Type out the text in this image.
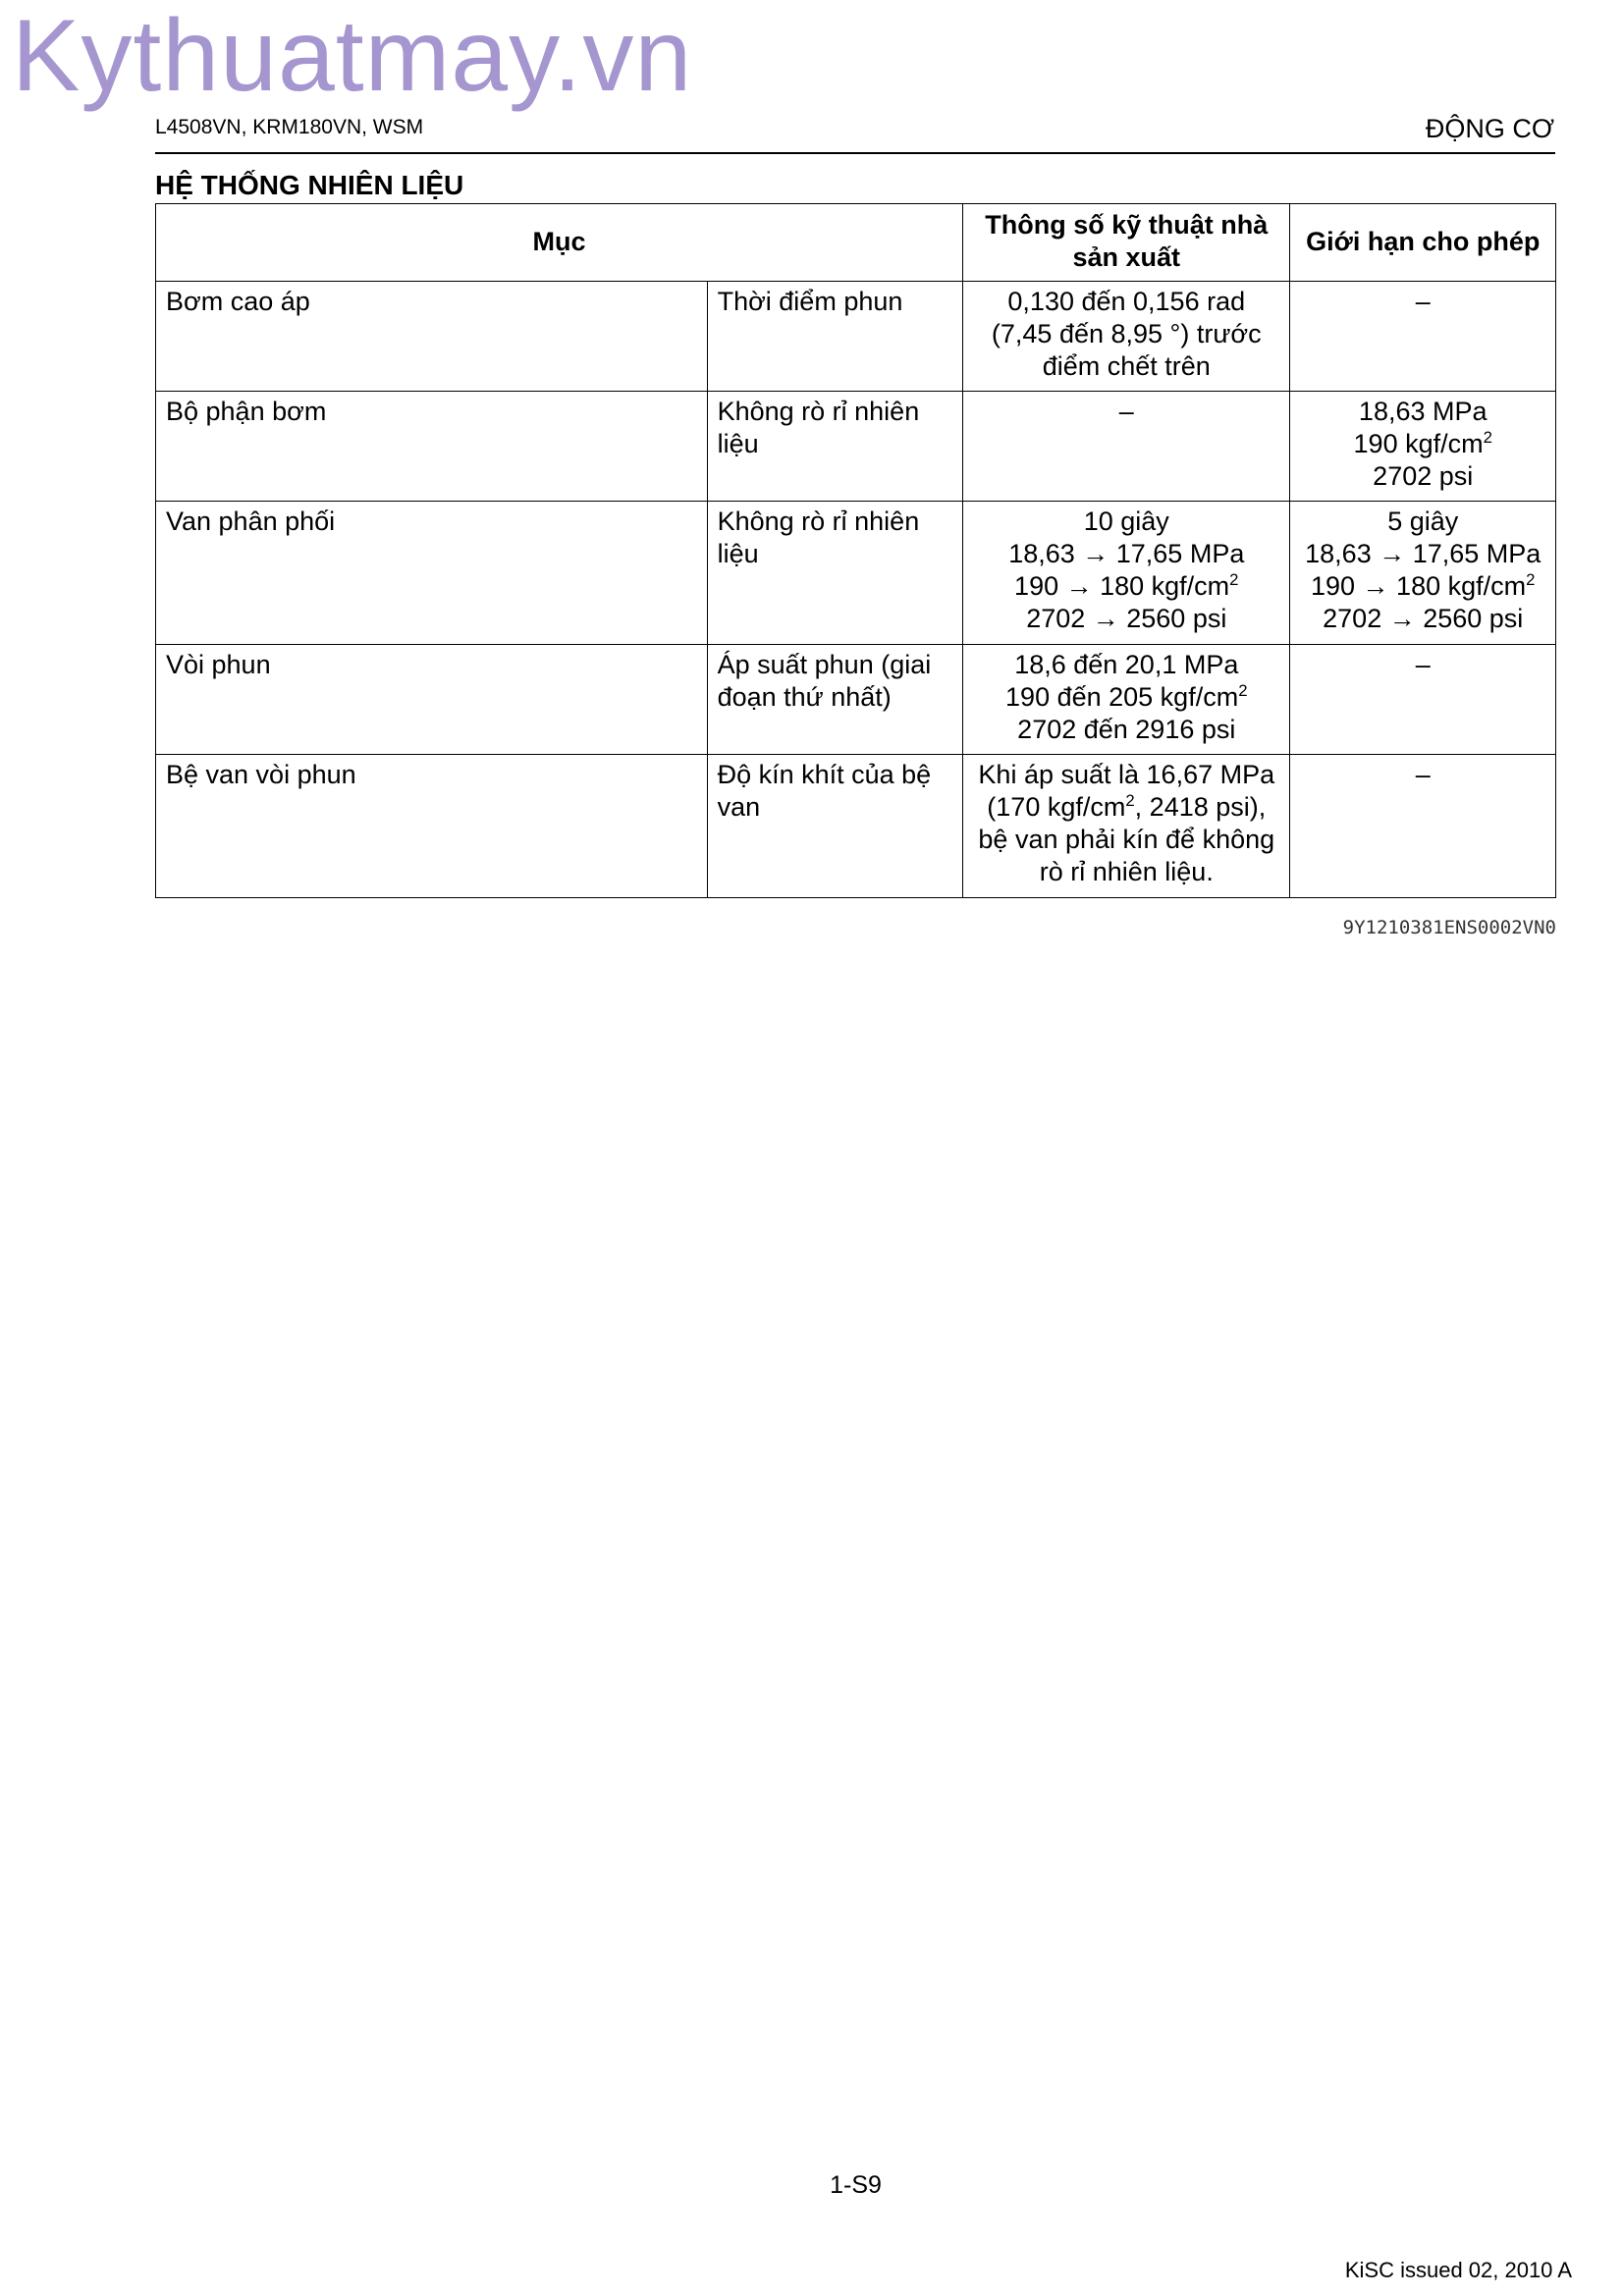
Kythuatmay.vn
L4508VN, KRM180VN, WSM	ĐỘNG CƠ
HỆ THỐNG NHIÊN LIỆU
Mục		Thông số kỹ thuật nhà sản xuất	Giới hạn cho phép
Bơm cao áp	Thời điểm phun	0,130 đến 0,156 rad
(7,45 đến 8,95 °) trước
điểm chết trên	–

Bộ phận bơm	Không rò rỉ nhiên liệu	–	18,63 MPa
190 kgf/$cm^2$
2702 psi

Van phân phối	Không rò rỉ nhiên liệu	10 giây
18,63 → 17,65 MPa
190 → 180 kgf/$cm^2$
2702 → 2560 psi	5 giây
18,63 → 17,65 MPa
190 → 180 kgf/$cm^2$
2702 → 2560 psi

Vòi phun	Áp suất phun (giai đoạn thứ nhất)	18,6 đến 20,1 MPa
190 đến 205 kgf/$cm^2$
2702 đến 2916 psi	–

Bệ van vòi phun	Độ kín khít của bệ van	Khi áp suất là 16,67 MPa
(170 kgf/$cm^2$, 2418 psi),
bệ van phải kín để không
rò rỉ nhiên liệu.	–
9Y1210381ENS0002VN0
1-S9
KiSC issued 02, 2010 A
